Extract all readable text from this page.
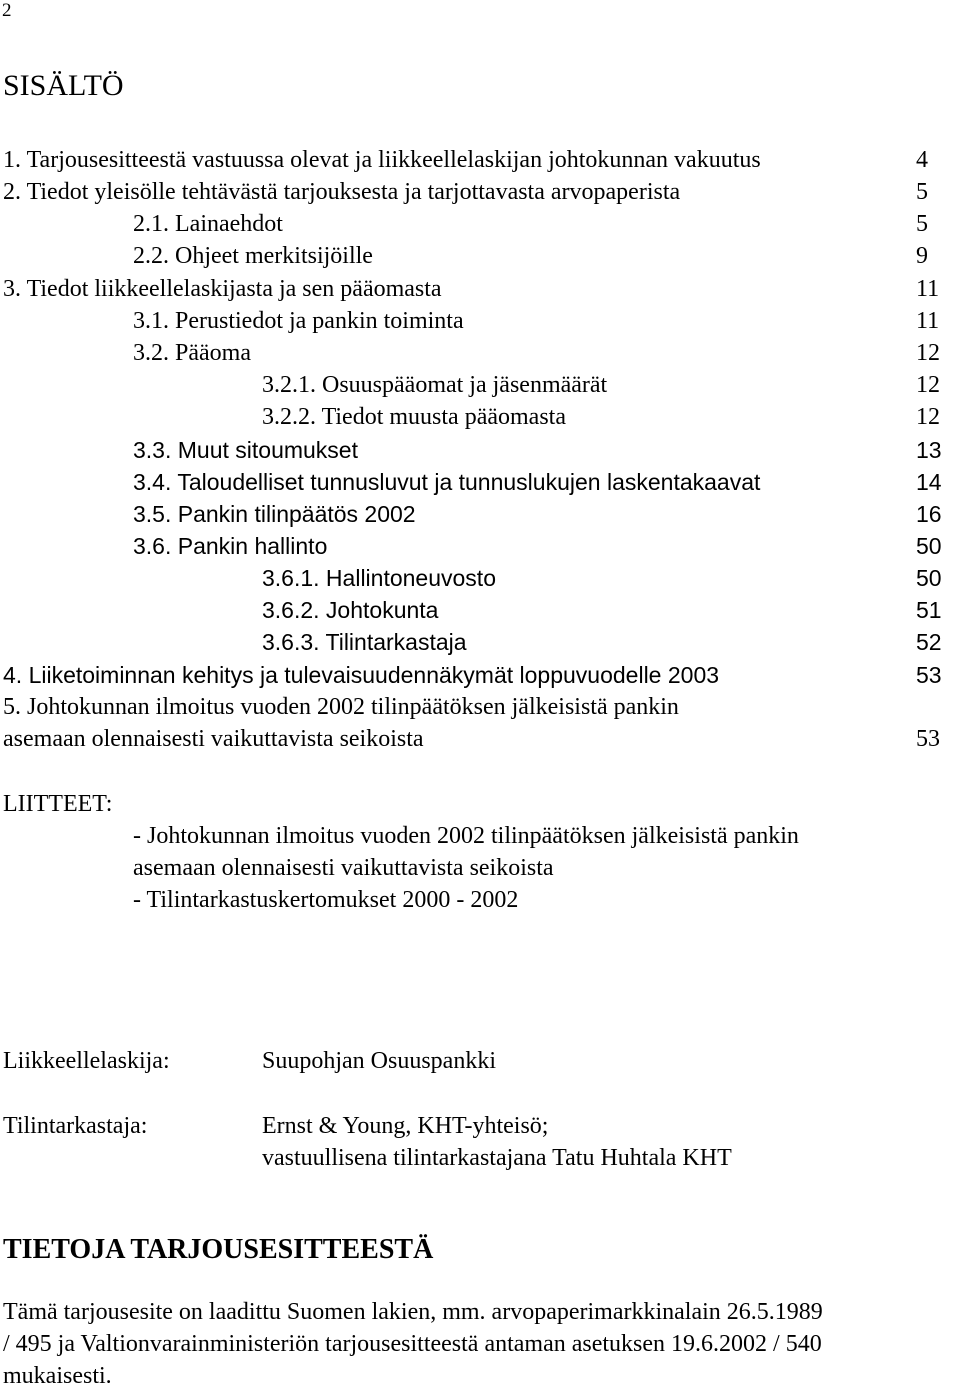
2
SISÄLTÖ
1. Tarjousesitteestä vastuussa olevat ja liikkeellelaskijan johtokunnan vakuutus	4
2. Tiedot yleisölle tehtävästä tarjouksesta ja tarjottavasta arvopaperista	5
2.1. Lainaehdot	5
2.2. Ohjeet merkitsijöille	9
3. Tiedot liikkeellelaskijasta ja sen pääomasta	11
3.1. Perustiedot ja pankin toiminta	11
3.2. Pääoma	12
3.2.1. Osuuspääomat ja jäsenmäärät	12
3.2.2. Tiedot muusta pääomasta	12
3.3. Muut sitoumukset	13
3.4. Taloudelliset tunnusluvut ja tunnuslukujen laskentakaavat	14
3.5. Pankin tilinpäätös 2002	16
3.6. Pankin hallinto	50
3.6.1. Hallintoneuvosto	50
3.6.2. Johtokunta	51
3.6.3. Tilintarkastaja	52
4. Liiketoiminnan kehitys ja tulevaisuudennäkymät loppuvuodelle 2003	53
5. Johtokunnan ilmoitus vuoden 2002 tilinpäätöksen jälkeisistä pankin
asemaan olennaisesti vaikuttavista seikoista	53
LIITTEET:
- Johtokunnan ilmoitus vuoden 2002 tilinpäätöksen jälkeisistä pankin
asemaan olennaisesti vaikuttavista seikoista
- Tilintarkastuskertomukset 2000 - 2002
Liikkeellelaskija:	Suupohjan Osuuspankki
Tilintarkastaja:	Ernst & Young, KHT-yhteisö;
vastuullisena tilintarkastajana Tatu Huhtala KHT
TIETOJA TARJOUSESITTEESTÄ
Tämä tarjousesite on laadittu Suomen lakien, mm. arvopaperimarkkinalain 26.5.1989
/ 495 ja Valtionvarainministeriön tarjousesitteestä antaman asetuksen 19.6.2002 / 540
mukaisesti.
